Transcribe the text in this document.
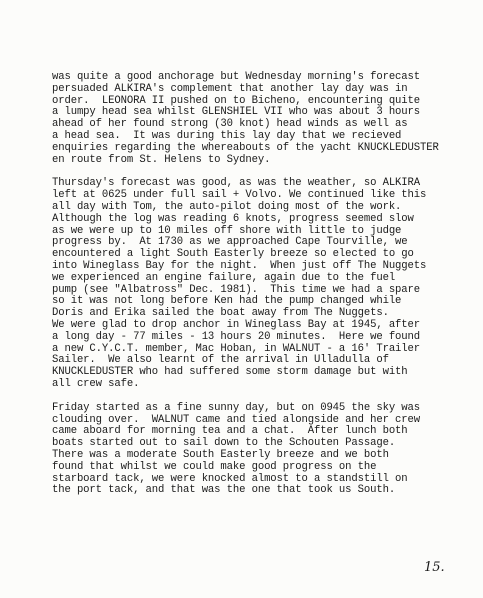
was quite a good anchorage but Wednesday morning's forecast
persuaded ALKIRA's complement that another lay day was in
order.  LEONORA II pushed on to Bicheno, encountering quite
a lumpy head sea whilst GLENSHIEL VII who was about 3 hours
ahead of her found strong (30 knot) head winds as well as
a head sea.  It was during this lay day that we recieved
enquiries regarding the whereabouts of the yacht KNUCKLEDUSTER
en route from St. Helens to Sydney.
Thursday's forecast was good, as was the weather, so ALKIRA
left at 0625 under full sail + Volvo. We continued like this
all day with Tom, the auto-pilot doing most of the work.
Although the log was reading 6 knots, progress seemed slow
as we were up to 10 miles off shore with little to judge
progress by.  At 1730 as we approached Cape Tourville, we
encountered a light South Easterly breeze so elected to go
into Wineglass Bay for the night.  When just off The Nuggets
we experienced an engine failure, again due to the fuel
pump (see "Albatross" Dec. 1981).  This time we had a spare
so it was not long before Ken had the pump changed while
Doris and Erika sailed the boat away from The Nuggets.
We were glad to drop anchor in Wineglass Bay at 1945, after
a long day - 77 miles - 13 hours 20 minutes.  Here we found
a new C.Y.C.T. member, Mac Hoban, in WALNUT - a 16' Trailer
Sailer.  We also learnt of the arrival in Ulladulla of
KNUCKLEDUSTER who had suffered some storm damage but with
all crew safe.
Friday started as a fine sunny day, but on 0945 the sky was
clouding over.  WALNUT came and tied alongside and her crew
came aboard for morning tea and a chat.  After lunch both
boats started out to sail down to the Schouten Passage.
There was a moderate South Easterly breeze and we both
found that whilst we could make good progress on the
starboard tack, we were knocked almost to a standstill on
the port tack, and that was the one that took us South.
15.
